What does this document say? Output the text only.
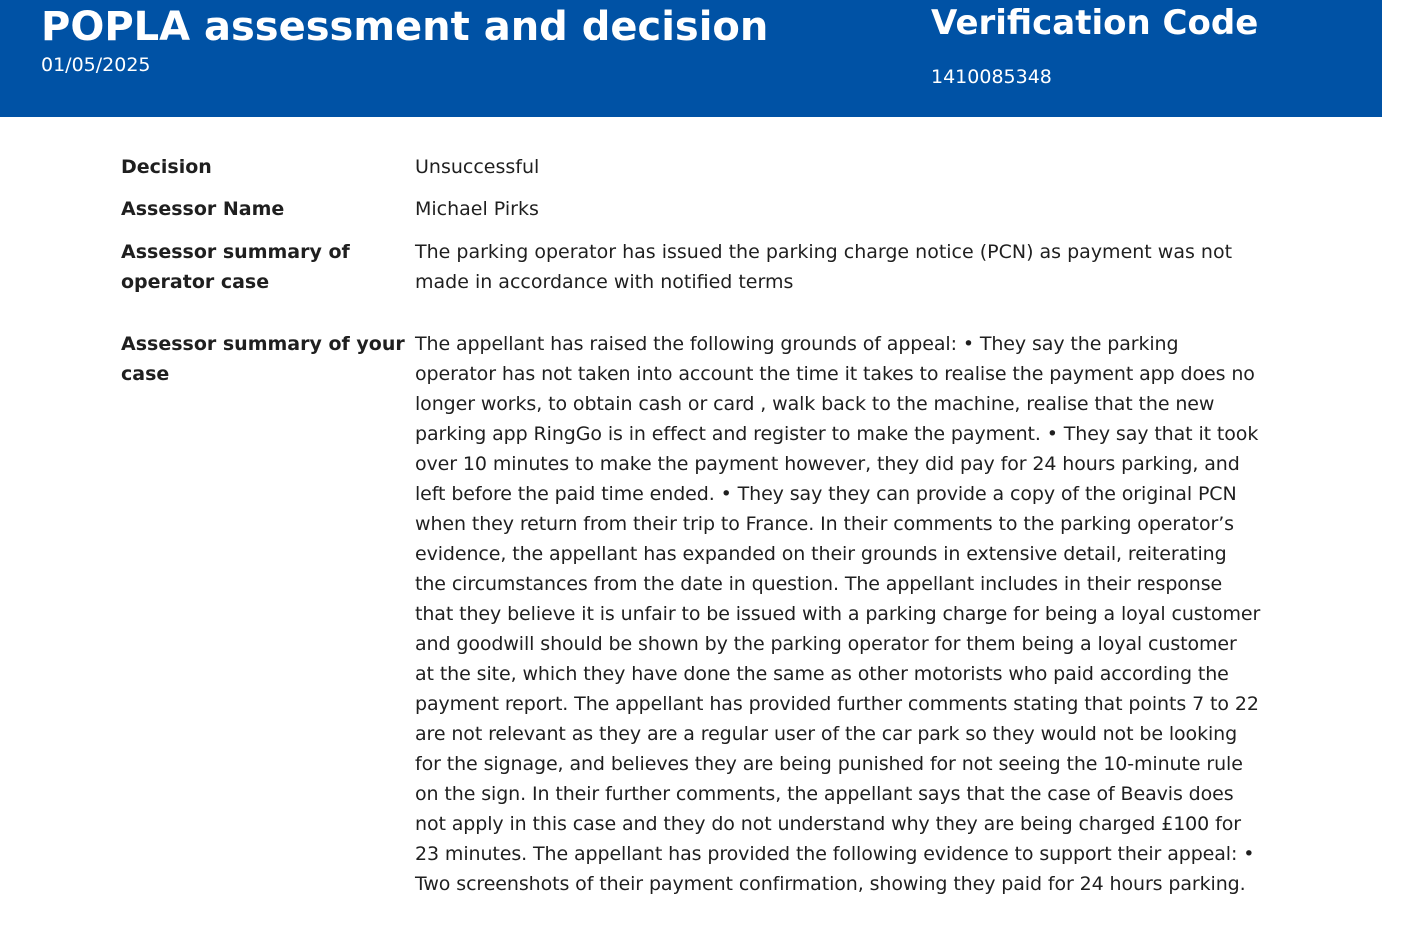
POPLA assessment and decision
01/05/2025
Verification Code
1410085348
Decision	Unsuccessful
Assessor Name	Michael Pirks
Assessor summary of operator case
The parking operator has issued the parking charge notice (PCN) as payment was not made in accordance with notified terms
Assessor summary of your case
The appellant has raised the following grounds of appeal: • They say the parking operator has not taken into account the time it takes to realise the payment app does no longer works, to obtain cash or card , walk back to the machine, realise that the new parking app RingGo is in effect and register to make the payment. • They say that it took over 10 minutes to make the payment however, they did pay for 24 hours parking, and left before the paid time ended. • They say they can provide a copy of the original PCN when they return from their trip to France. In their comments to the parking operator’s evidence, the appellant has expanded on their grounds in extensive detail, reiterating the circumstances from the date in question. The appellant includes in their response that they believe it is unfair to be issued with a parking charge for being a loyal customer and goodwill should be shown by the parking operator for them being a loyal customer at the site, which they have done the same as other motorists who paid according the payment report. The appellant has provided further comments stating that points 7 to 22 are not relevant as they are a regular user of the car park so they would not be looking for the signage, and believes they are being punished for not seeing the 10-minute rule on the sign. In their further comments, the appellant says that the case of Beavis does not apply in this case and they do not understand why they are being charged £100 for 23 minutes. The appellant has provided the following evidence to support their appeal: • Two screenshots of their payment confirmation, showing they paid for 24 hours parking.
